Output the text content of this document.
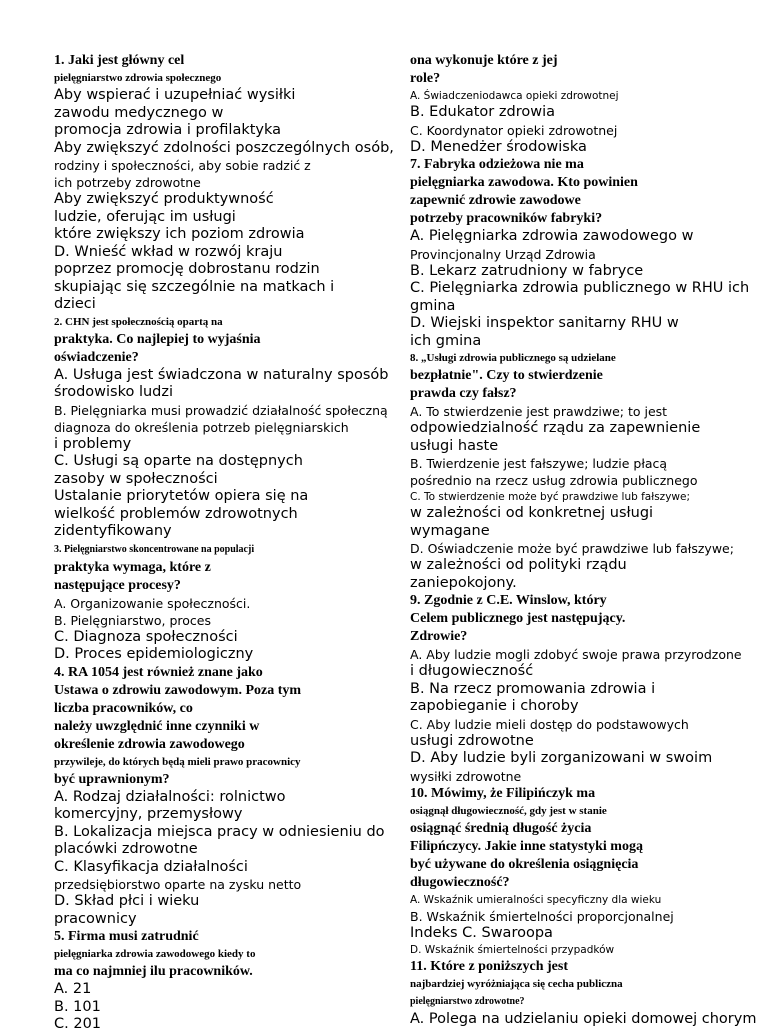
1. Jaki jest główny cel
pielęgniarstwo zdrowia społecznego
Aby wspierać i uzupełniać wysiłki
zawodu medycznego w
promocja zdrowia i profilaktyka
Aby zwiększyć zdolności poszczególnych osób,
rodziny i społeczności, aby sobie radzić z
ich potrzeby zdrowotne
Aby zwiększyć produktywność
ludzie, oferując im usługi
które zwiększy ich poziom zdrowia
D. Wnieść wkład w rozwój kraju
poprzez promocję dobrostanu rodzin
skupiając się szczególnie na matkach i
dzieci
2. CHN jest społecznością opartą na
praktyka. Co najlepiej to wyjaśnia
oświadczenie?
A. Usługa jest świadczona w naturalny sposób
środowisko ludzi
B. Pielęgniarka musi prowadzić działalność społeczną
diagnoza do określenia potrzeb pielęgniarskich
i problemy
C. Usługi są oparte na dostępnych
zasoby w społeczności
Ustalanie priorytetów opiera się na
wielkość problemów zdrowotnych
zidentyfikowany
3. Pielęgniarstwo skoncentrowane na populacji
praktyka wymaga, które z
następujące procesy?
A. Organizowanie społeczności.
B. Pielęgniarstwo, proces
C. Diagnoza społeczności
D. Proces epidemiologiczny
4. RA 1054 jest również znane jako
Ustawa o zdrowiu zawodowym. Poza tym
liczba pracowników, co
należy uwzględnić inne czynniki w
określenie zdrowia zawodowego
przywileje, do których będą mieli prawo pracownicy
być uprawnionym?
A. Rodzaj działalności: rolnictwo
komercyjny, przemysłowy
B. Lokalizacja miejsca pracy w odniesieniu do
placówki zdrowotne
C. Klasyfikacja działalności
przedsiębiorstwo oparte na zysku netto
D. Skład płci i wieku
pracownicy
5. Firma musi zatrudnić
pielęgniarka zdrowia zawodowego kiedy to
ma co najmniej ilu pracowników.
A. 21
B. 101
C. 201
ona wykonuje które z jej
role?
A. Świadczeniodawca opieki zdrowotnej
B. Edukator zdrowia
C. Koordynator opieki zdrowotnej
D. Menedżer środowiska
7. Fabryka odzieżowa nie ma
pielęgniarka zawodowa. Kto powinien
zapewnić zdrowie zawodowe
potrzeby pracowników fabryki?
A. Pielęgniarka zdrowia zawodowego w
Provincjonalny Urząd Zdrowia
B. Lekarz zatrudniony w fabryce
C. Pielęgniarka zdrowia publicznego w RHU ich
gmina
D. Wiejski inspektor sanitarny RHU w
ich gmina
8. „Usługi zdrowia publicznego są udzielane
bezpłatnie". Czy to stwierdzenie
prawda czy fałsz?
A. To stwierdzenie jest prawdziwe; to jest
odpowiedzialność rządu za zapewnienie
usługi haste
B. Twierdzenie jest fałszywe; ludzie płacą
pośrednio na rzecz usług zdrowia publicznego
C. To stwierdzenie może być prawdziwe lub fałszywe;
w zależności od konkretnej usługi
wymagane
D. Oświadczenie może być prawdziwe lub fałszywe;
w zależności od polityki rządu
zaniepokojony.
9. Zgodnie z C.E. Winslow, który
Celem publicznego jest następujący.
Zdrowie?
A. Aby ludzie mogli zdobyć swoje prawa przyrodzone
i długowieczność
B. Na rzecz promowania zdrowia i
zapobieganie i choroby
C. Aby ludzie mieli dostęp do podstawowych
usługi zdrowotne
D. Aby ludzie byli zorganizowani w swoim
wysiłki zdrowotne
10. Mówimy, że Filipińczyk ma
osiągnął długowieczność, gdy jest w stanie
osiągnąć średnią długość życia
Filipńczycy. Jakie inne statystyki mogą
być używane do określenia osiągnięcia
długowieczność?
A. Wskaźnik umieralności specyficzny dla wieku
B. Wskaźnik śmiertelności proporcjonalnej
Indeks C. Swaroopa
D. Wskaźnik śmiertelności przypadków
11. Które z poniższych jest
najbardziej wyróżniająca się cecha publiczna
pielęgniarstwo zdrowotne?
A. Polega na udzielaniu opieki domowej chorym
